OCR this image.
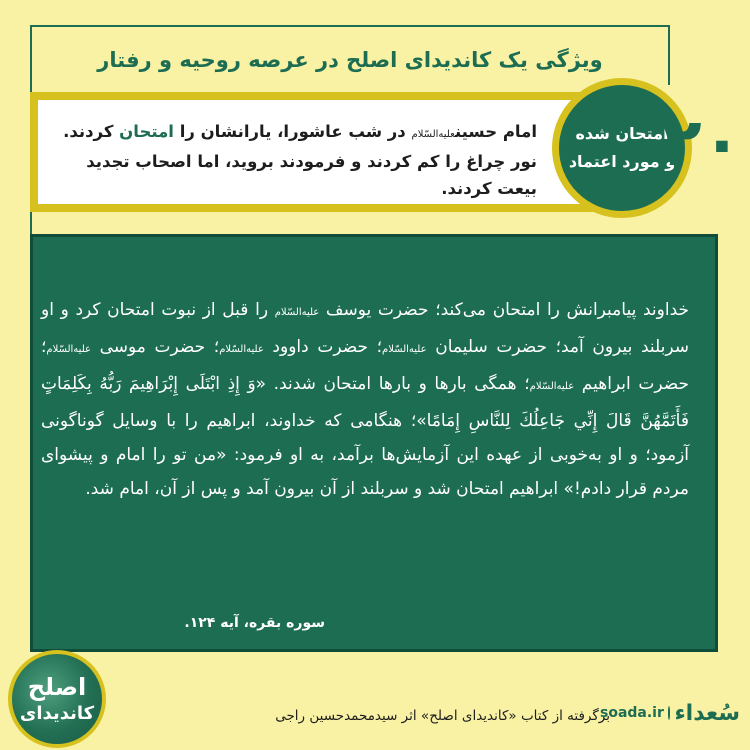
ویژگی یک کاندیدای اصلح در عرصه روحیه و رفتار
امام حسینعلیه‌السّلام در شب عاشورا، یارانشان را امتحان کردند. نور چراغ را کم کردند و فرمودند بروید، اما اصحاب تجدید بیعت کردند.
امتحان شده
و مورد اعتماد
۲۰
خداوند پیامبرانش را امتحان می‌کند؛ حضرت یوسف علیه‌السّلام را قبل از نبوت امتحان کرد و او سربلند بیرون آمد؛ حضرت سلیمان علیه‌السّلام؛ حضرت داوود علیه‌السّلام؛ حضرت موسی علیه‌السّلام؛ حضرت ابراهیم علیه‌السّلام؛ همگی بارها و بارها امتحان شدند. «وَ إِذِ ابْتَلَى إِبْرَاهِيمَ رَبُّهُ بِكَلِمَاتٍ فَأَتَمَّهُنَّ قَالَ إِنِّي جَاعِلُكَ لِلنَّاسِ إِمَامًا»؛ هنگامی که خداوند، ابراهیم را با وسایل گوناگونی آزمود؛ و او به‌خوبی از عهده این آزمایش‌ها برآمد، به او فرمود: «من تو را امام و پیشوای مردم قرار دادم!» ابراهیم امتحان شد و سربلند از آن بیرون آمد و پس از آن، امام شد.
سوره بقره، آیه ۱۲۴.
اصلح
کاندیدای	برگرفته از کتاب «کاندیدای اصلح» اثر سیدمحمدحسین راجی
soada.ir سُعداء
